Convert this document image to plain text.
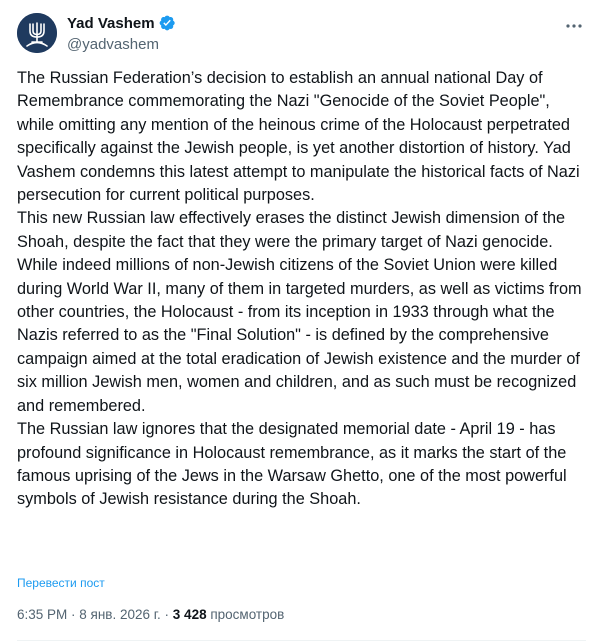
Yad Vashem
@yadvashem

The Russian Federation’s decision to establish an annual national Day of Remembrance commemorating the Nazi "Genocide of the Soviet People", while omitting any mention of the heinous crime of the Holocaust perpetrated specifically against the Jewish people, is yet another distortion of history. Yad Vashem condemns this latest attempt to manipulate the historical facts of Nazi persecution for current political purposes.

This new Russian law effectively erases the distinct Jewish dimension of the Shoah, despite the fact that they were the primary target of Nazi genocide. While indeed millions of non-Jewish citizens of the Soviet Union were killed during World War II, many of them in targeted murders, as well as victims from other countries, the Holocaust - from its inception in 1933 through what the Nazis referred to as the "Final Solution" - is defined by the comprehensive campaign aimed at the total eradication of Jewish existence and the murder of six million Jewish men, women and children, and as such must be recognized and remembered.

The Russian law ignores that the designated memorial date - April 19 - has profound significance in Holocaust remembrance, as it marks the start of the famous uprising of the Jews in the Warsaw Ghetto, one of the most powerful symbols of Jewish resistance during the Shoah.

Перевести пост
6:35 PM · 8 янв. 2026 г. · 3 428 просмотров
